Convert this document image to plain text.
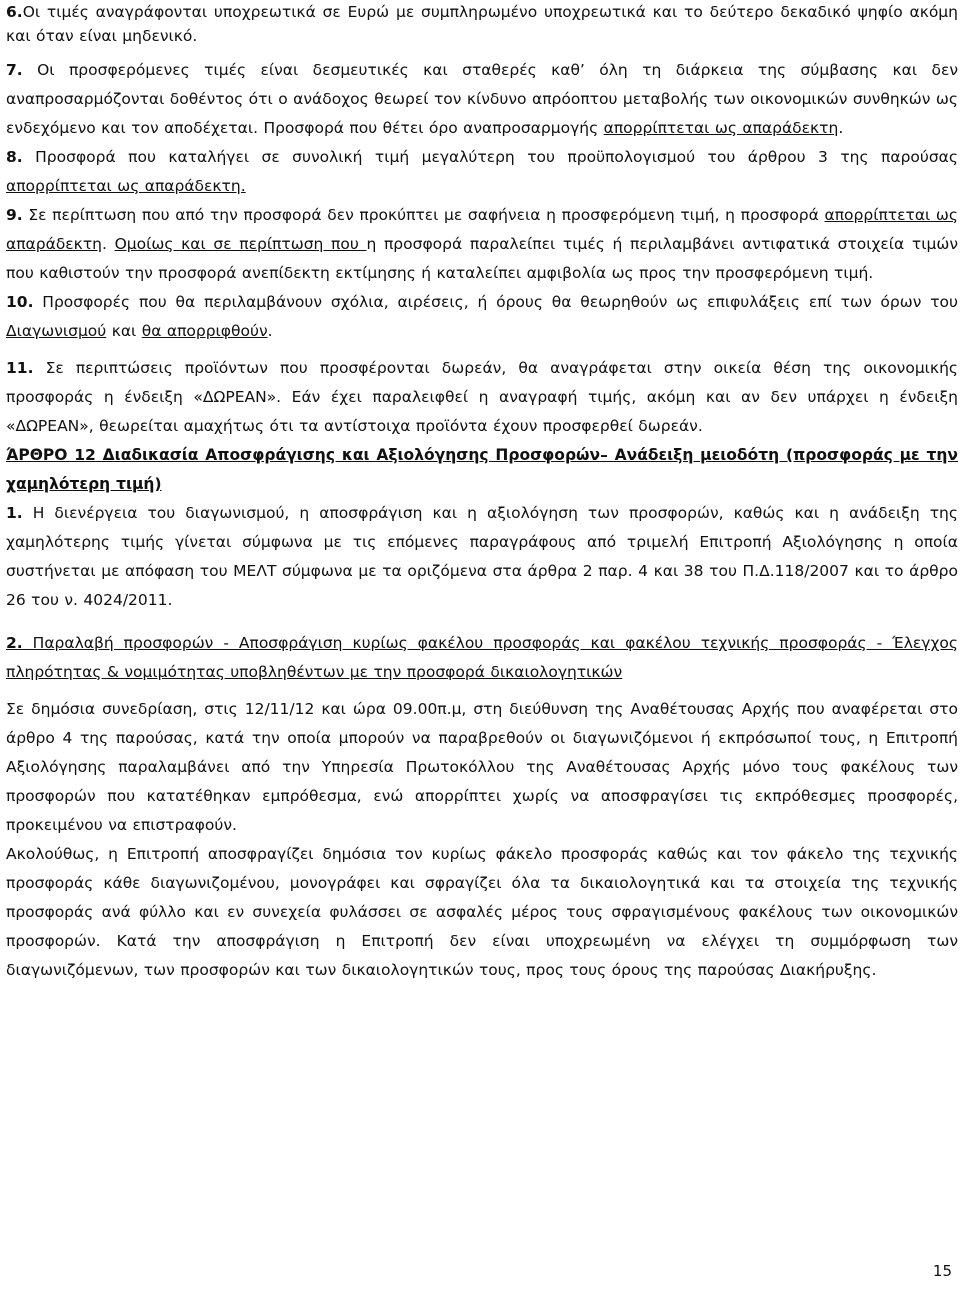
6.Οι τιμές αναγράφονται υποχρεωτικά σε Ευρώ με συμπληρωμένο υποχρεωτικά και το δεύτερο δεκαδικό ψηφίο ακόμη και όταν είναι μηδενικό.

7. Οι προσφερόμενες τιμές είναι δεσμευτικές και σταθερές καθ’ όλη τη διάρκεια της σύμβασης και δεν αναπροσαρμόζονται δοθέντος ότι ο ανάδοχος θεωρεί τον κίνδυνο απρόοπτου μεταβολής των οικονομικών συνθηκών ως ενδεχόμενο και τον αποδέχεται. Προσφορά που θέτει όρο αναπροσαρμογής απορρίπτεται ως απαράδεκτη.

8. Προσφορά που καταλήγει σε συνολική τιμή μεγαλύτερη του προϋπολογισμού του άρθρου 3 της παρούσας απορρίπτεται ως απαράδεκτη.

9. Σε περίπτωση που από την προσφορά δεν προκύπτει με σαφήνεια η προσφερόμενη τιμή, η προσφορά απορρίπτεται ως απαράδεκτη. Ομοίως και σε περίπτωση που η προσφορά παραλείπει τιμές ή περιλαμβάνει αντιφατικά στοιχεία τιμών που καθιστούν την προσφορά ανεπίδεκτη εκτίμησης ή καταλείπει αμφιβολία ως προς την προσφερόμενη τιμή.

10. Προσφορές που θα περιλαμβάνουν σχόλια, αιρέσεις, ή όρους θα θεωρηθούν ως επιφυλάξεις επί των όρων του Διαγωνισμού και θα απορριφθούν.

11. Σε περιπτώσεις προϊόντων που προσφέρονται δωρεάν, θα αναγράφεται στην οικεία θέση της οικονομικής προσφοράς η ένδειξη «ΔΩΡΕΑΝ». Εάν έχει παραλειφθεί η αναγραφή τιμής, ακόμη και αν δεν υπάρχει η ένδειξη «ΔΩΡΕΑΝ», θεωρείται αμαχήτως ότι τα αντίστοιχα προϊόντα έχουν προσφερθεί δωρεάν.

ΆΡΘΡΟ 12 Διαδικασία Αποσφράγισης και Αξιολόγησης Προσφορών– Ανάδειξη μειοδότη (προσφοράς με την χαμηλότερη τιμή)

1. Η διενέργεια του διαγωνισμού, η αποσφράγιση και η αξιολόγηση των προσφορών, καθώς και η ανάδειξη της χαμηλότερης τιμής γίνεται σύμφωνα με τις επόμενες παραγράφους από τριμελή Επιτροπή Αξιολόγησης η οποία συστήνεται με απόφαση του ΜΕΛΤ σύμφωνα με τα οριζόμενα στα άρθρα 2 παρ. 4 και 38 του Π.Δ.118/2007 και το άρθρο 26 του ν. 4024/2011.

2. Παραλαβή προσφορών - Αποσφράγιση κυρίως φακέλου προσφοράς και φακέλου τεχνικής προσφοράς - Έλεγχος πληρότητας & νομιμότητας υποβληθέντων με την προσφορά δικαιολογητικών

Σε δημόσια συνεδρίαση, στις 12/11/12 και ώρα 09.00π.μ, στη διεύθυνση της Αναθέτουσας Αρχής που αναφέρεται στο άρθρο 4 της παρούσας, κατά την οποία μπορούν να παραβρεθούν οι διαγωνιζόμενοι ή εκπρόσωποί τους, η Επιτροπή Αξιολόγησης παραλαμβάνει από την Υπηρεσία Πρωτοκόλλου της Αναθέτουσας Αρχής μόνο τους φακέλους των προσφορών που κατατέθηκαν εμπρόθεσμα, ενώ απορρίπτει χωρίς να αποσφραγίσει τις εκπρόθεσμες προσφορές, προκειμένου να επιστραφούν.

Ακολούθως, η Επιτροπή αποσφραγίζει δημόσια τον κυρίως φάκελο προσφοράς καθώς και τον φάκελο της τεχνικής προσφοράς κάθε διαγωνιζομένου, μονογράφει και σφραγίζει όλα τα δικαιολογητικά και τα στοιχεία της τεχνικής προσφοράς ανά φύλλο και εν συνεχεία φυλάσσει σε ασφαλές μέρος τους σφραγισμένους φακέλους των οικονομικών προσφορών. Κατά την αποσφράγιση η Επιτροπή δεν είναι υποχρεωμένη να ελέγχει τη συμμόρφωση των διαγωνιζόμενων, των προσφορών και των δικαιολογητικών τους, προς τους όρους της παρούσας Διακήρυξης.

15
